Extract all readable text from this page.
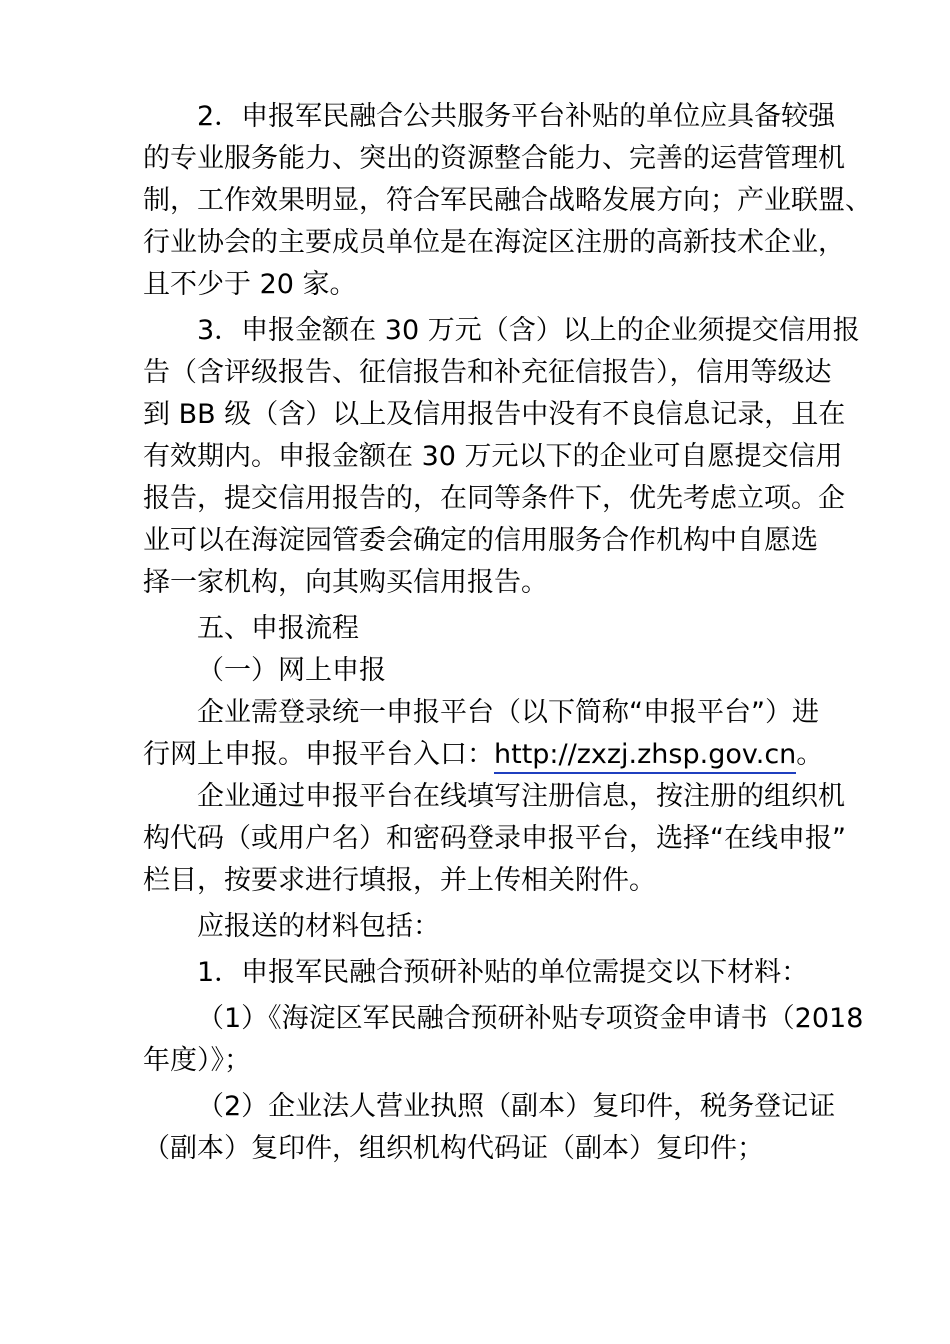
2．申报军民融合公共服务平台补贴的单位应具备较强
的专业服务能力、突出的资源整合能力、完善的运营管理机
制，工作效果明显，符合军民融合战略发展方向；产业联盟、
行业协会的主要成员单位是在海淀区注册的高新技术企业，
且不少于 20 家。
3．申报金额在 30 万元（含）以上的企业须提交信用报
告（含评级报告、征信报告和补充征信报告），信用等级达
到 BB 级（含）以上及信用报告中没有不良信息记录，且在
有效期内。申报金额在 30 万元以下的企业可自愿提交信用
报告，提交信用报告的，在同等条件下，优先考虑立项。企
业可以在海淀园管委会确定的信用服务合作机构中自愿选
择一家机构，向其购买信用报告。
五、申报流程
（一）网上申报
企业需登录统一申报平台（以下简称“申报平台”）进
行网上申报。申报平台入口：http://zxzj.zhsp.gov.cn。
企业通过申报平台在线填写注册信息，按注册的组织机
构代码（或用户名）和密码登录申报平台，选择“在线申报”
栏目，按要求进行填报，并上传相关附件。
应报送的材料包括：
1．申报军民融合预研补贴的单位需提交以下材料：
（1）《海淀区军民融合预研补贴专项资金申请书（2018
年度）》；
（2）企业法人营业执照（副本）复印件，税务登记证
（副本）复印件，组织机构代码证（副本）复印件；
